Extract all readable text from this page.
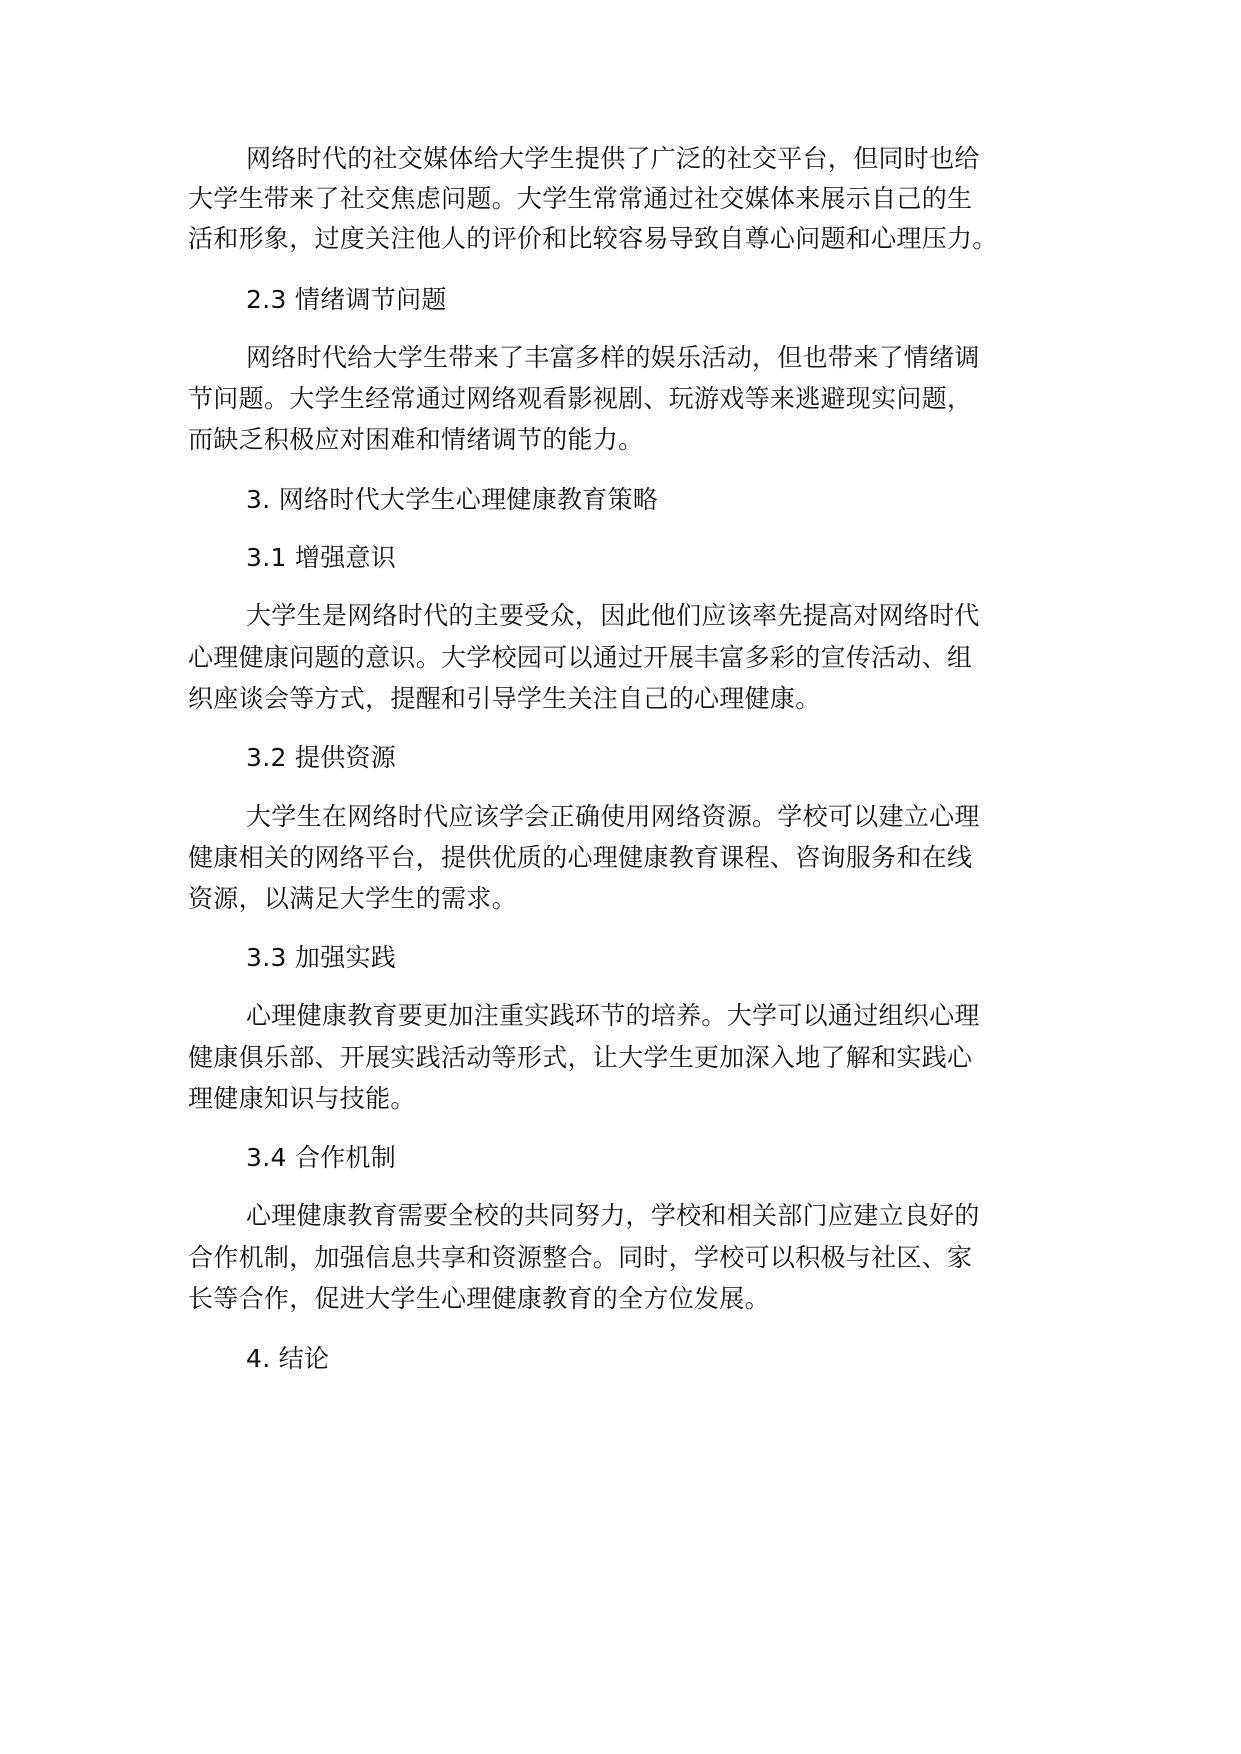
网络时代的社交媒体给大学生提供了广泛的社交平台，但同时也给
大学生带来了社交焦虑问题。大学生常常通过社交媒体来展示自己的生
活和形象，过度关注他人的评价和比较容易导致自尊心问题和心理压力。
2.3 情绪调节问题
网络时代给大学生带来了丰富多样的娱乐活动，但也带来了情绪调
节问题。大学生经常通过网络观看影视剧、玩游戏等来逃避现实问题，
而缺乏积极应对困难和情绪调节的能力。
3. 网络时代大学生心理健康教育策略
3.1 增强意识
大学生是网络时代的主要受众，因此他们应该率先提高对网络时代
心理健康问题的意识。大学校园可以通过开展丰富多彩的宣传活动、组
织座谈会等方式，提醒和引导学生关注自己的心理健康。
3.2 提供资源
大学生在网络时代应该学会正确使用网络资源。学校可以建立心理
健康相关的网络平台，提供优质的心理健康教育课程、咨询服务和在线
资源，以满足大学生的需求。
3.3 加强实践
心理健康教育要更加注重实践环节的培养。大学可以通过组织心理
健康俱乐部、开展实践活动等形式，让大学生更加深入地了解和实践心
理健康知识与技能。
3.4 合作机制
心理健康教育需要全校的共同努力，学校和相关部门应建立良好的
合作机制，加强信息共享和资源整合。同时，学校可以积极与社区、家
长等合作，促进大学生心理健康教育的全方位发展。
4. 结论
